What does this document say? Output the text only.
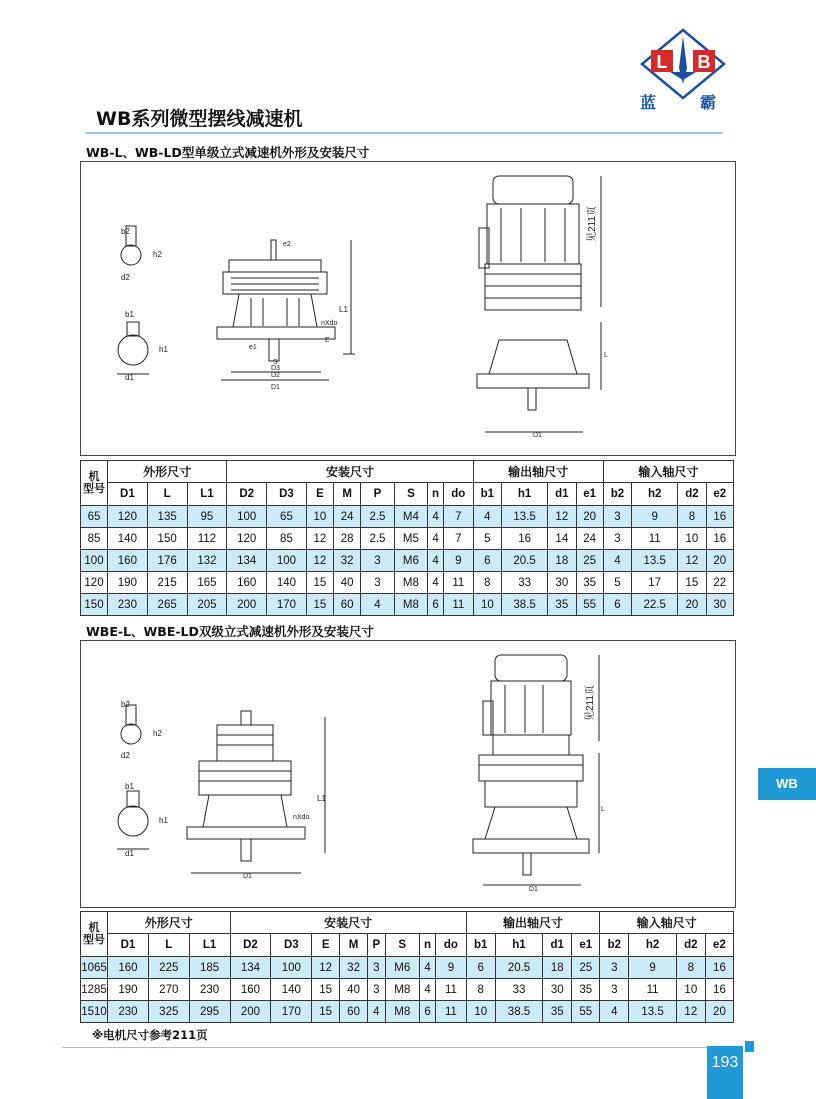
L B
蓝	霸
WB系列微型摆线减速机
WB-L、WB-LD型单级立式减速机外形及安装尺寸
b2
h2
d2
b1
h1
d1
L1
nXdo
E
S
D3
D2
D1
e1
e2
见211页
L
D1
机
型号	外形尺寸			安装尺寸								输出轴尺寸				输入轴尺寸			
	D1	L	L1	D2	D3	E	M	P	S	n	do	b1	h1	d1	e1	b2	h2	d2	e2
65	120	135	95	100	65	10	24	2.5	M4	4	7	4	13.5	12	20	3	9	8	16
85	140	150	112	120	85	12	28	2.5	M5	4	7	5	16	14	24	3	11	10	16
100	160	176	132	134	100	12	32	3	M6	4	9	6	20.5	18	25	4	13.5	12	20
120	190	215	165	160	140	15	40	3	M8	4	11	8	33	30	35	5	17	15	22
150	230	265	205	200	170	15	60	4	M8	6	11	10	38.5	35	55	6	22.5	20	30
WBE-L、WBE-LD双级立式减速机外形及安装尺寸
b2
h2
d2
b1
h1
d1
L1
nXdo
D1
见211页
L
D1
机
型号	外形尺寸			安装尺寸								输出轴尺寸				输入轴尺寸			
	D1	L	L1	D2	D3	E	M	P	S	n	do	b1	h1	d1	e1	b2	h2	d2	e2
1065	160	225	185	134	100	12	32	3	M6	4	9	6	20.5	18	25	3	9	8	16
1285	190	270	230	160	140	15	40	3	M8	4	11	8	33	30	35	3	11	10	16
1510	230	325	295	200	170	15	60	4	M8	6	11	10	38.5	35	55	4	13.5	12	20
※电机尺寸参考211页
WB
193
